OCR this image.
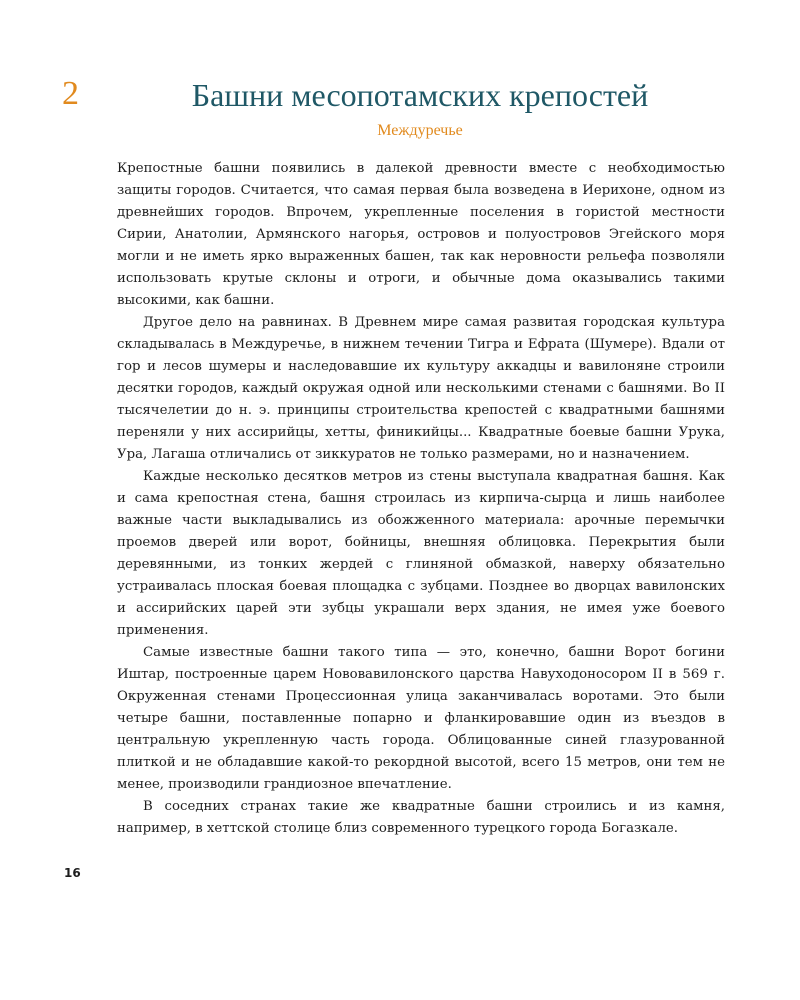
2	Башни месопотамских крепостей
Междуречье

Крепостные башни появились в далекой древности вместе с необходимостью защиты городов. Считается, что самая первая была возведена в Иерихоне, одном из древнейших городов. Впрочем, укрепленные поселения в гористой местности Сирии, Анатолии, Армянского нагорья, островов и полуостровов Эгейского моря могли и не иметь ярко выраженных башен, так как неровности рельефа позволяли использовать крутые склоны и отроги, и обычные дома оказывались такими высокими, как башни.

Другое дело на равнинах. В Древнем мире самая развитая городская культура складывалась в Междуречье, в нижнем течении Тигра и Ефрата (Шумере). Вдали от гор и лесов шумеры и наследовавшие их культуру аккадцы и вавилоняне строили десятки городов, каждый окружая одной или несколькими стенами с башнями. Во II тысячелетии до н. э. принципы строительства крепостей с квадратными башнями переняли у них ассирийцы, хетты, финикийцы... Квадратные боевые башни Урука, Ура, Лагаша отличались от зиккуратов не только размерами, но и назначением.

Каждые несколько десятков метров из стены выступала квадратная башня. Как и сама крепостная стена, башня строилась из кирпича-сырца и лишь наиболее важные части выкладывались из обожженного материала: арочные перемычки проемов дверей или ворот, бойницы, внешняя облицовка. Перекрытия были деревянными, из тонких жердей с глиняной обмазкой, наверху обязательно устраивалась плоская боевая площадка с зубцами. Позднее во дворцах вавилонских и ассирийских царей эти зубцы украшали верх здания, не имея уже боевого применения.

Самые известные башни такого типа — это, конечно, башни Ворот богини Иштар, построенные царем Нововавилонского царства Навуходоносором II в 569 г. Окруженная стенами Процессионная улица заканчивалась воротами. Это были четыре башни, поставленные попарно и фланкировавшие один из въездов в центральную укрепленную часть города. Облицованные синей глазурованной плиткой и не обладавшие какой-то рекордной высотой, всего 15 метров, они тем не менее, производили грандиозное впечатление.

В соседних странах такие же квадратные башни строились и из камня, например, в хеттской столице близ современного турецкого города Богазкале.

16
